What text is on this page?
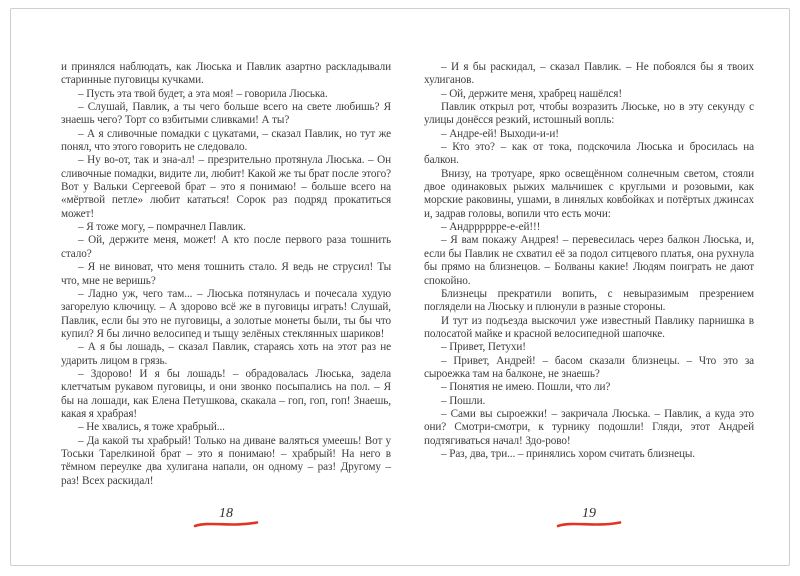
и принялся наблюдать, как Люська и Павлик азартно раскладывали старинные пуговицы кучками.

– Пусть эта твой будет, а эта моя! – говорила Люська.

– Слушай, Павлик, а ты чего больше всего на свете любишь? Я знаешь чего? Торт со взбитыми сливками! А ты?

– А я сливочные помадки с цукатами, – сказал Павлик, но тут же понял, что этого говорить не следовало.

– Ну во-от, так и зна-ал! – презрительно протянула Люська. – Он сливочные помадки, видите ли, любит! Какой же ты брат после этого? Вот у Вальки Сергеевой брат – это я понимаю! – больше всего на «мёртвой петле» любит кататься! Сорок раз подряд прокатиться может!

– Я тоже могу, – помрачнел Павлик.

– Ой, держите меня, может! А кто после первого раза тошнить стало?

– Я не виноват, что меня тошнить стало. Я ведь не струсил! Ты что, мне не веришь?

– Ладно уж, чего там... – Люська потянулась и почесала худую загорелую ключицу. – А здорово всё же в пуговицы играть! Слушай, Павлик, если бы это не пуговицы, а золотые монеты были, ты бы что купил? Я бы лично велосипед и тыщу зелёных стеклянных шариков!

– А я бы лошадь, – сказал Павлик, стараясь хоть на этот раз не ударить лицом в грязь.

– Здорово! И я бы лошадь! – обрадовалась Люська, задела клетчатым рукавом пуговицы, и они звонко посыпались на пол. – Я бы на лошади, как Елена Петушкова, скакала – гоп, гоп, гоп! Знаешь, какая я храбрая!

– Не хвались, я тоже храбрый...

– Да какой ты храбрый! Только на диване валяться умеешь! Вот у Тоськи Тарелкиной брат – это я понимаю! – храбрый! На него в тёмном переулке два хулигана напали, он одному – раз! Другому – раз! Всех раскидал!

– И я бы раскидал, – сказал Павлик. – Не побоялся бы я твоих хулиганов.

– Ой, держите меня, храбрец нашёлся!

Павлик открыл рот, чтобы возразить Люське, но в эту секунду с улицы донёсся резкий, истошный вопль:

– Андре-ей! Выходи-и-и!

– Кто это? – как от тока, подскочила Люська и бросилась на балкон.

Внизу, на тротуаре, ярко освещённом солнечным светом, стояли двое одинаковых рыжих мальчишек с круглыми и розовыми, как морские раковины, ушами, в линялых ковбойках и потёртых джинсах и, задрав головы, вопили что есть мочи:

– Андрррррре-е-ей!!!

– Я вам покажу Андрея! – перевесилась через балкон Люська, и, если бы Павлик не схватил её за подол ситцевого платья, она рухнула бы прямо на близнецов. – Болваны какие! Людям поиграть не дают спокойно.

Близнецы прекратили вопить, с невыразимым презрением поглядели на Люську и плюнули в разные стороны.

И тут из подъезда выскочил уже известный Павлику парнишка в полосатой майке и красной велосипедной шапочке.

– Привет, Петухи!

– Привет, Андрей! – басом сказали близнецы. – Что это за сыроежка там на балконе, не знаешь?

– Понятия не имею. Пошли, что ли?

– Пошли.

– Сами вы сыроежки! – закричала Люська. – Павлик, а куда это они? Смотри-смотри, к турнику подошли! Гляди, этот Андрей подтягиваться начал! Здо-рово!

– Раз, два, три... – принялись хором считать близнецы.

18	19
